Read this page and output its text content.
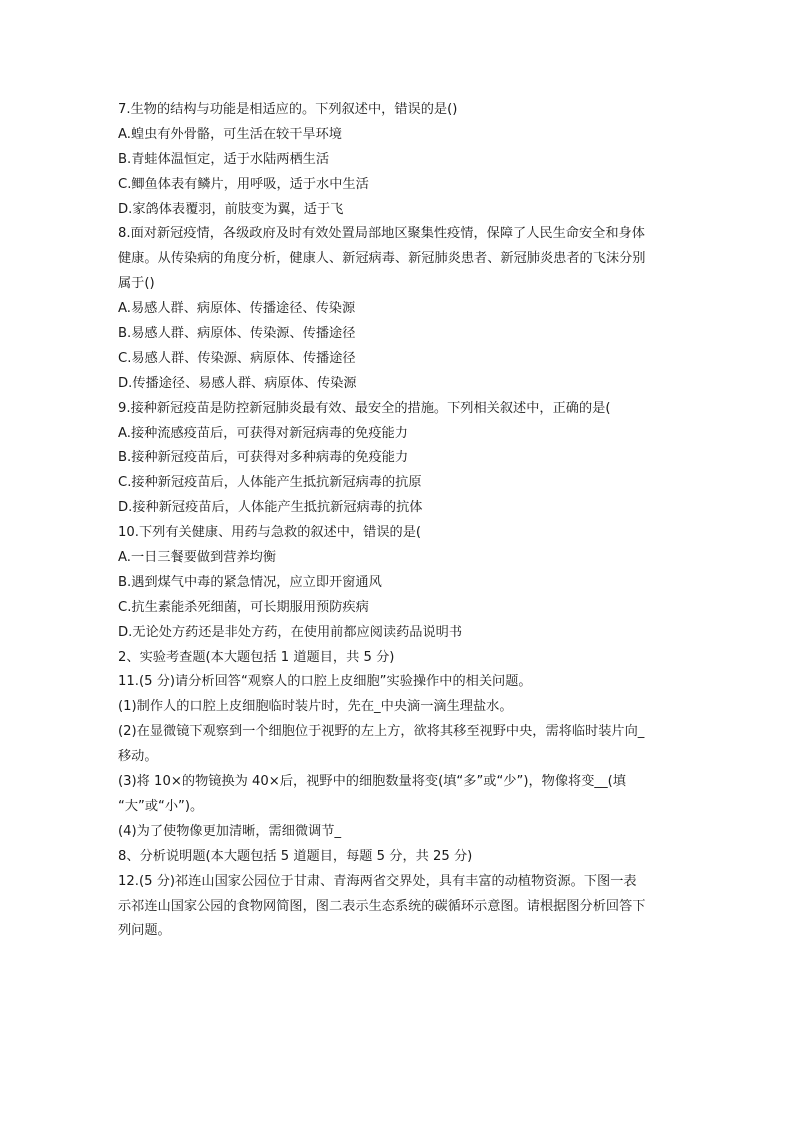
7.生物的结构与功能是相适应的。下列叙述中，错误的是()
A.蝗虫有外骨骼，可生活在较干旱环境
B.青蛙体温恒定，适于水陆两栖生活
C.鲫鱼体表有鳞片，用呼吸，适于水中生活
D.家鸽体表覆羽，前肢变为翼，适于飞
8.面对新冠疫情，各级政府及时有效处置局部地区聚集性疫情，保障了人民生命安全和身体
健康。从传染病的角度分析，健康人、新冠病毒、新冠肺炎患者、新冠肺炎患者的飞沫分别
属于()
A.易感人群、病原体、传播途径、传染源
B.易感人群、病原体、传染源、传播途径
C.易感人群、传染源、病原体、传播途径
D.传播途径、易感人群、病原体、传染源
9.接种新冠疫苗是防控新冠肺炎最有效、最安全的措施。下列相关叙述中，正确的是(
A.接种流感疫苗后，可获得对新冠病毒的免疫能力
B.接种新冠疫苗后，可获得对多种病毒的免疫能力
C.接种新冠疫苗后，人体能产生抵抗新冠病毒的抗原
D.接种新冠疫苗后，人体能产生抵抗新冠病毒的抗体
10.下列有关健康、用药与急救的叙述中，错误的是(
A.一日三餐要做到营养均衡
B.遇到煤气中毒的紧急情况，应立即开窗通风
C.抗生素能杀死细菌，可长期服用预防疾病
D.无论处方药还是非处方药，在使用前都应阅读药品说明书
2、实验考查题(本大题包括 1 道题目，共 5 分)
11.(5 分)请分析回答“观察人的口腔上皮细胞”实验操作中的相关问题。
(1)制作人的口腔上皮细胞临时装片时，先在_中央滴一滴生理盐水。
(2)在显微镜下观察到一个细胞位于视野的左上方，欲将其移至视野中央，需将临时装片向_
移动。
(3)将 10×的物镜换为 40×后，视野中的细胞数量将变(填“多”或“少”)，物像将变__(填
“大”或“小”)。
(4)为了使物像更加清晰，需细微调节_
8、分析说明题(本大题包括 5 道题目，每题 5 分，共 25 分)
12.(5 分)祁连山国家公园位于甘肃、青海两省交界处，具有丰富的动植物资源。下图一表
示祁连山国家公园的食物网简图，图二表示生态系统的碳循环示意图。请根据图分析回答下
列问题。
